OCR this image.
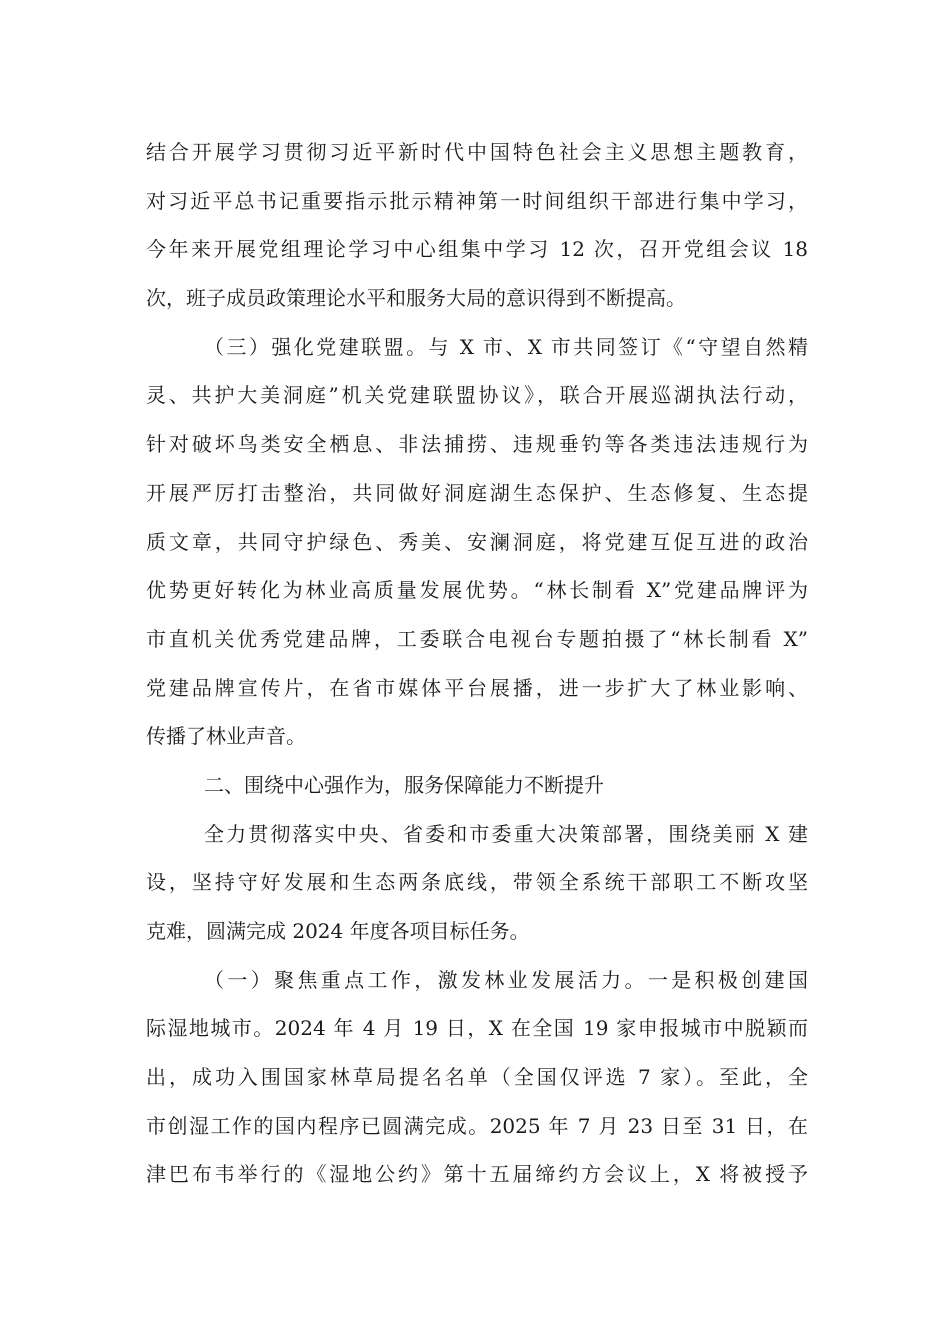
结合开展学习贯彻习近平新时代中国特色社会主义思想主题教育，
对习近平总书记重要指示批示精神第一时间组织干部进行集中学习，
今年来开展党组理论学习中心组集中学习 12 次，召开党组会议 18
次，班子成员政策理论水平和服务大局的意识得到不断提高。
（三）强化党建联盟。与 X 市、X 市共同签订《“守望自然精
灵、共护大美洞庭”机关党建联盟协议》，联合开展巡湖执法行动，
针对破坏鸟类安全栖息、非法捕捞、违规垂钓等各类违法违规行为
开展严厉打击整治，共同做好洞庭湖生态保护、生态修复、生态提
质文章，共同守护绿色、秀美、安澜洞庭，将党建互促互进的政治
优势更好转化为林业高质量发展优势。“林长制看 X”党建品牌评为
市直机关优秀党建品牌，工委联合电视台专题拍摄了“林长制看 X”
党建品牌宣传片，在省市媒体平台展播，进一步扩大了林业影响、
传播了林业声音。
二、围绕中心强作为，服务保障能力不断提升
全力贯彻落实中央、省委和市委重大决策部署，围绕美丽 X 建
设，坚持守好发展和生态两条底线，带领全系统干部职工不断攻坚
克难，圆满完成 2024 年度各项目标任务。
（一）聚焦重点工作，激发林业发展活力。一是积极创建国
际湿地城市。2024 年 4 月 19 日，X 在全国 19 家申报城市中脱颖而
出，成功入围国家林草局提名名单（全国仅评选 7 家）。至此，全
市创湿工作的国内程序已圆满完成。2025 年 7 月 23 日至 31 日，在
津巴布韦举行的《湿地公约》第十五届缔约方会议上，X 将被授予
